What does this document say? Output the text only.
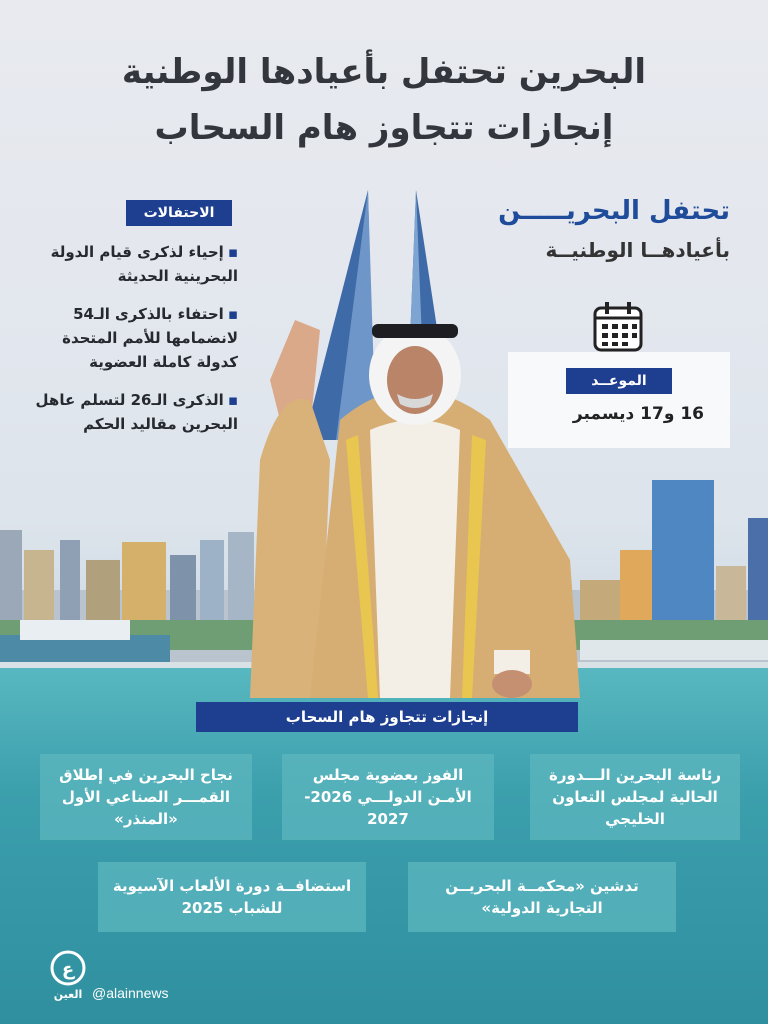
البحرين تحتفل بأعيادها الوطنية
إنجازات تتجاوز هام السحاب
الاحتفالات
▪إحياء لذكرى قيام الدولة البحرينية الحديثة
▪احتفاء بالذكرى الـ54 لانضمامها للأمم المتحدة كدولة كاملة العضوية
▪الذكرى الـ26 لتسلم عاهل البحرين مقاليد الحكم
تحتفل البحريـــــن
بأعيادهــا الوطنيــة
الموعــد
16 و17 ديسمبر
إنجازات تتجاوز هام السحاب
رئاسة البحرين الـــدورة الحالية لمجلس التعاون الخليجي
الفوز بعضوية مجلس الأمـن الدولـــي 2026-2027
نجاح البحرين في إطلاق القمـــر الصناعي الأول «المنذر»
تدشين «محكمــة البحريــن التجارية الدولية»
استضافــة دورة الألعاب الآسيوية للشباب 2025
ع
العين @alainnews
